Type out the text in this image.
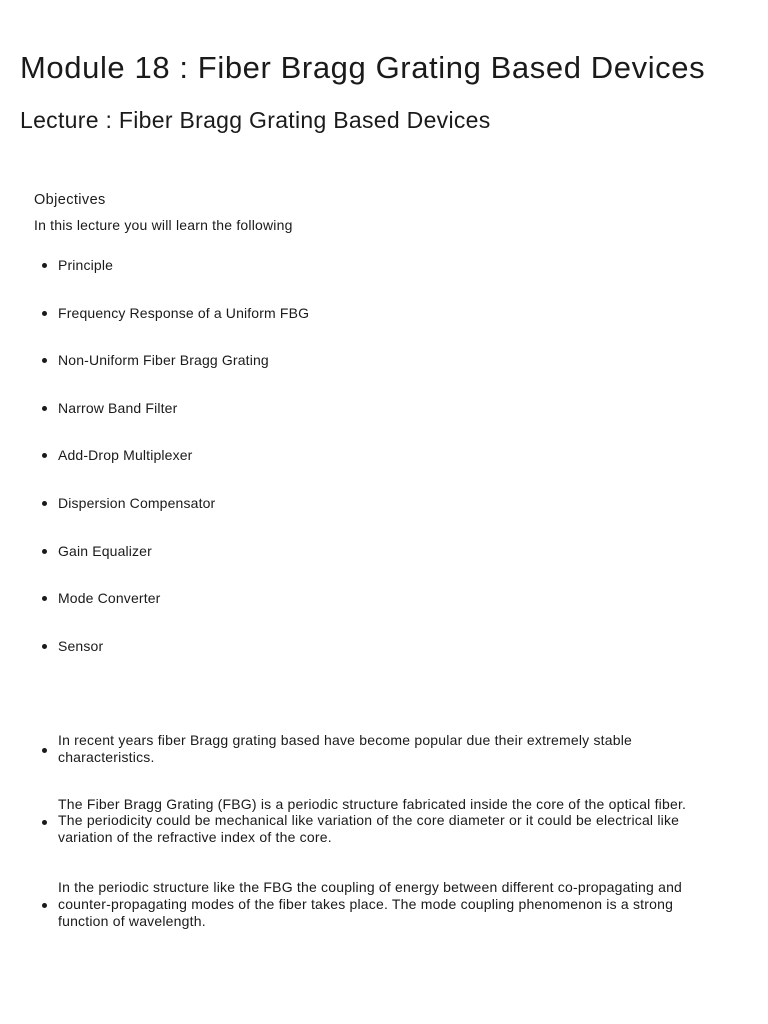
Module 18 : Fiber Bragg Grating Based Devices
Lecture : Fiber Bragg Grating Based Devices

Objectives

In this lecture you will learn the following

Principle
Frequency Response of a Uniform FBG
Non-Uniform Fiber Bragg Grating
Narrow Band Filter
Add-Drop Multiplexer
Dispersion Compensator
Gain Equalizer
Mode Converter
Sensor
In recent years fiber Bragg grating based have become popular due their extremely stable characteristics.
The Fiber Bragg Grating (FBG) is a periodic structure fabricated inside the core of the optical fiber. The periodicity could be mechanical like variation of the core diameter or it could be electrical like variation of the refractive index of the core.
In the periodic structure like the FBG the coupling of energy between different co-propagating and counter-propagating modes of the fiber takes place. The mode coupling phenomenon is a strong function of wavelength.
